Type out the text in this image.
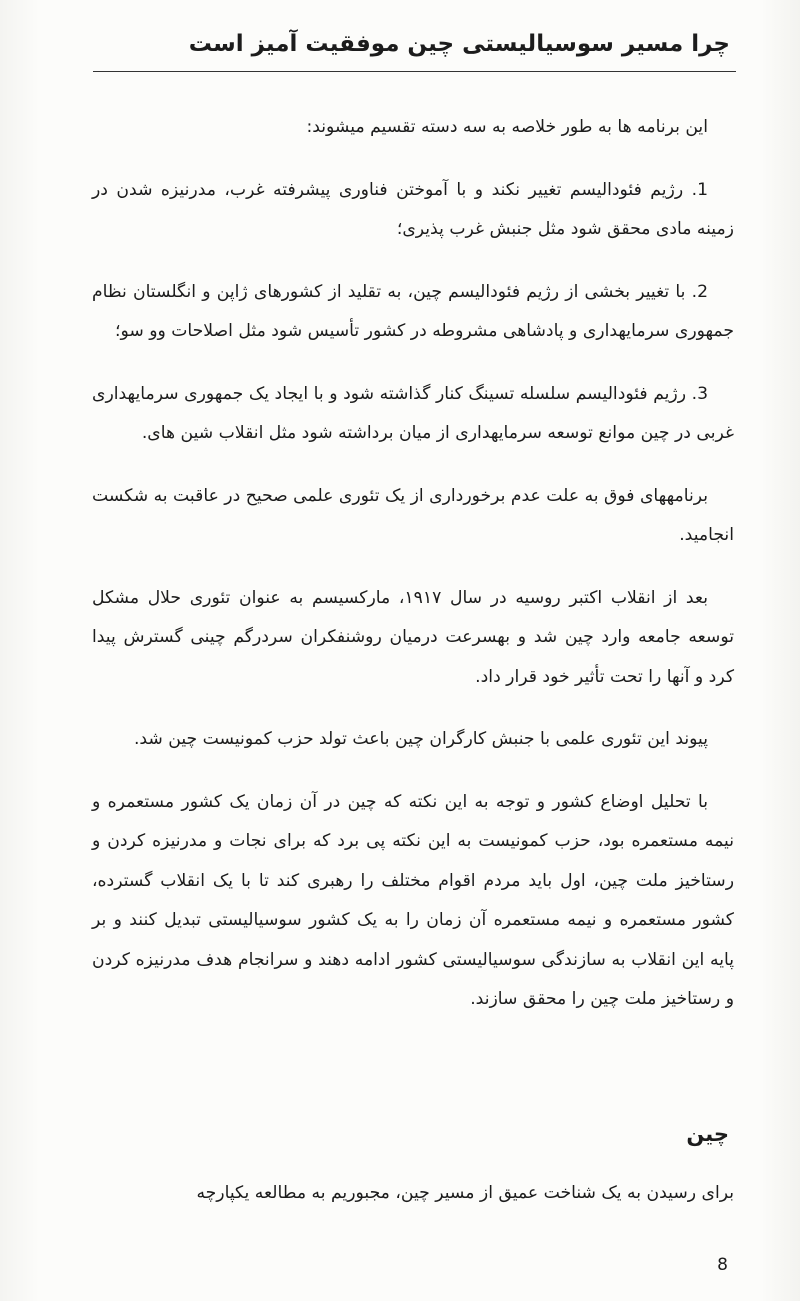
چرا مسیر سوسیالیستی چین موفقیت آمیز است

این برنامه ها به طور خلاصه به سه دسته تقسیم میشوند:

1. رژیم فئودالیسم تغییر نکند و با آموختن فناوری پیشرفته غرب، مدرنیزه شدن در زمینه مادی محقق شود مثل جنبش غرب پذیری؛

2. با تغییر بخشی از رژیم فئودالیسم چین، به تقلید از کشورهای ژاپن و انگلستان نظام جمهوری سرمایهداری و پادشاهی مشروطه در کشور تأسیس شود مثل اصلاحات وو سو؛

3. رژیم فئودالیسم سلسله تسینگ کنار گذاشته شود و با ایجاد یک جمهوری سرمایهداری غربی در چین موانع توسعه سرمایهداری از میان برداشته شود مثل انقلاب شین های.

برنامههای فوق به علت عدم برخورداری از یک تئوری علمی صحیح در عاقبت به شکست انجامید.

بعد از انقلاب اکتبر روسیه در سال ۱۹۱۷، مارکسیسم به عنوان تئوری حلال مشکل توسعه جامعه وارد چین شد و بهسرعت درمیان روشنفکران سردرگم چینی گسترش پیدا کرد و آنها را تحت تأثیر خود قرار داد.

پیوند این تئوری علمی با جنبش کارگران چین باعث تولد حزب کمونیست چین شد.

با تحلیل اوضاع کشور و توجه به این نکته که چین در آن زمان یک کشور مستعمره و نیمه مستعمره بود، حزب کمونیست به این نکته پی برد که برای نجات و مدرنیزه کردن و رستاخیز ملت چین، اول باید مردم اقوام مختلف را رهبری کند تا با یک انقلاب گسترده، کشور مستعمره و نیمه مستعمره آن زمان را به یک کشور سوسیالیستی تبدیل کنند و بر پایه این انقلاب به سازندگی سوسیالیستی کشور ادامه دهند و سرانجام هدف مدرنیزه کردن و رستاخیز ملت چین را محقق سازند.

چین

برای رسیدن به یک شناخت عمیق از مسیر چین، مجبوریم به مطالعه یکپارچه

8
